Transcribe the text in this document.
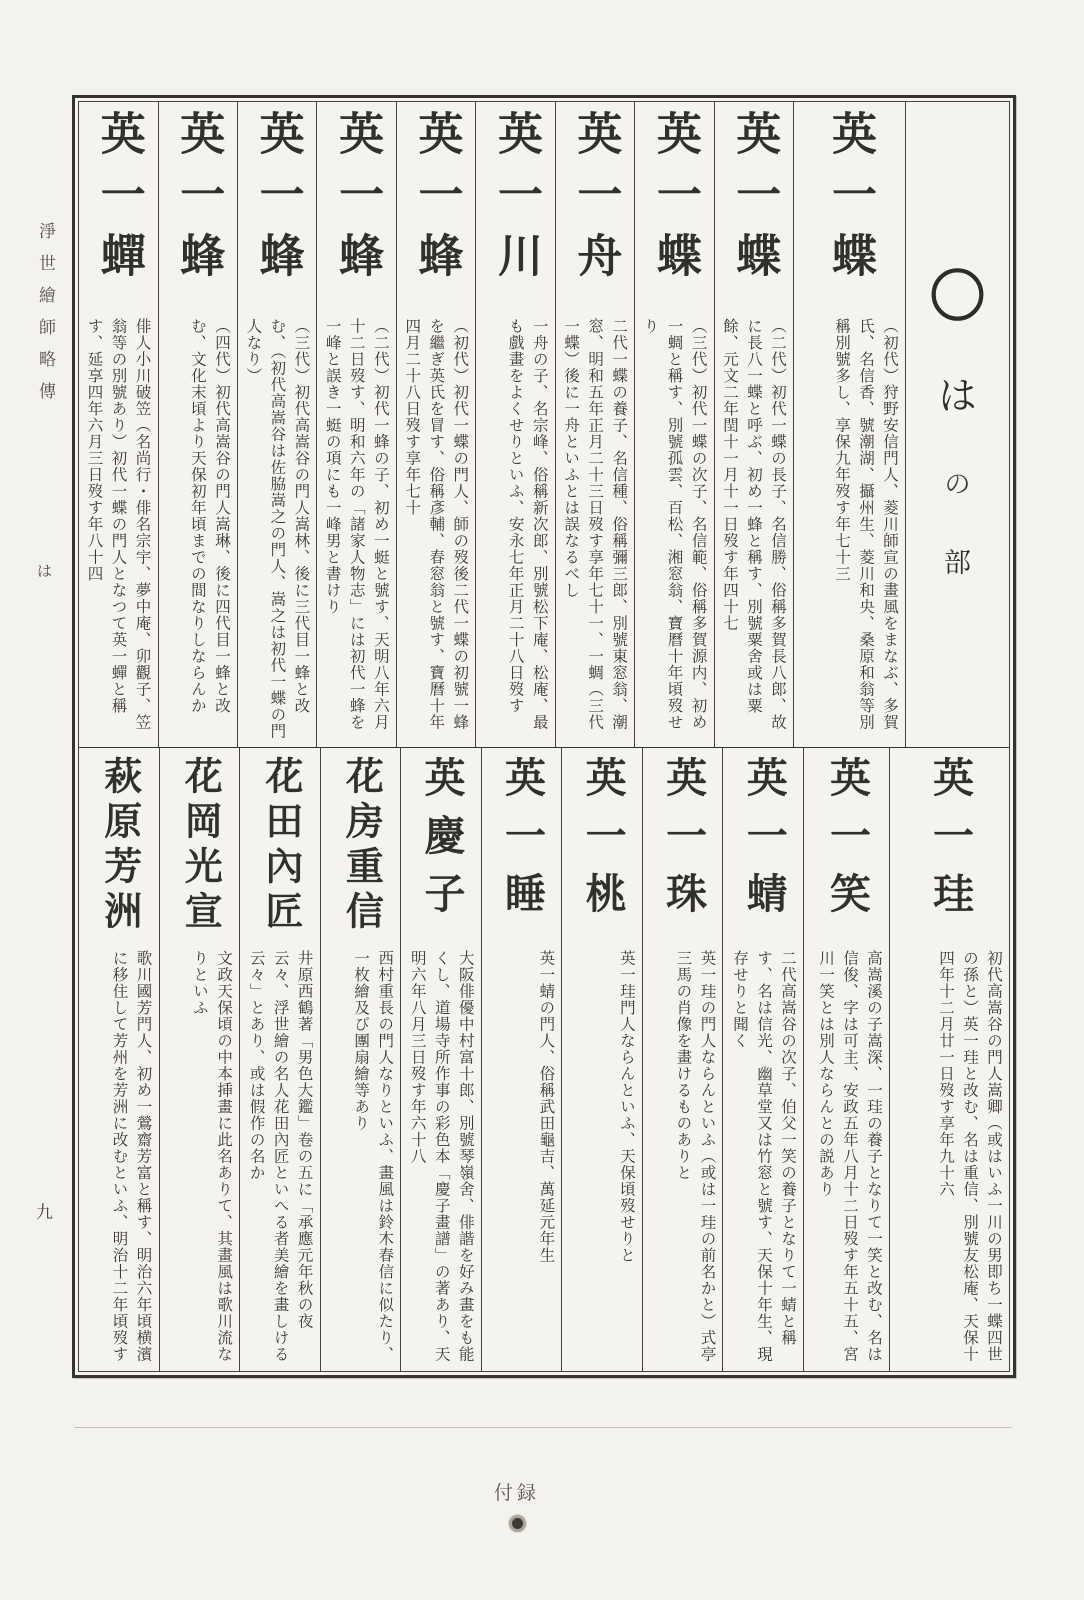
淨世繪師略傳
は
九
〇
は
の
部
英一蝶
（初代）狩野安信門人、菱川師宣の畫風をまなぶ、多賀氏、名信香、號潮湖、攝州生、菱川和央、桑原和翁等別稱別號多し、享保九年歿す年七十三
英一蝶
（二代）初代一蝶の長子、名信勝、俗稱多賀長八郎、故に長八一蝶と呼ぶ、初め一蜂と稱す、別號粟舍或は粟餘、元文二年閏十一月十一日歿す年四十七
英一蝶
（三代）初代一蝶の次子、名信範、俗稱多賀源内、初め一蜩と稱す、別號孤雲、百松、湘窓翁、寶曆十年頃歿せり
英一舟
二代一蝶の養子、名信種、俗稱彌三郎、別號東窓翁、潮窓、明和五年正月二十三日歿す享年七十一、一蜩（三代一蝶）後に一舟といふとは誤なるべし
英一川
一舟の子、名宗峰、俗稱新次郎、別號松下庵、松庵、最も戲畫をよくせりといふ、安永七年正月二十八日歿す
英一蜂
（初代）初代一蝶の門人、師の歿後二代一蝶の初號一蜂を繼ぎ英氏を冒す、俗稱彥輔、春窓翁と號す、寶曆十年四月二十八日歿す享年七十
英一蜂
（二代）初代一蜂の子、初め一蜓と號す、天明八年六月十二日歿す、明和六年の「諸家人物志」には初代一蜂を一峰と誤き一蜓の項にも一峰男と書けり
英一蜂
（三代）初代高嵩谷の門人嵩林、後に三代目一蜂と改む、（初代高嵩谷は佐脇嵩之の門人、嵩之は初代一蝶の門人なり）
英一蜂
（四代）初代高嵩谷の門人嵩琳、後に四代目一蜂と改む、文化末頃より天保初年頃までの間なりしならんか
英一蟬
俳人小川破笠（名尚行・俳名宗宇、夢中庵、卯觀子、笠翁等の別號あり）初代一蝶の門人となつて英一蟬と稱す、延享四年六月三日歿す年八十四
英一珪
初代高嵩谷の門人嵩卿（或はいふ一川の男即ち一蝶四世の孫と）英一珪と改む、名は重信、別號友松庵、天保十四年十二月廿一日歿す享年九十六
英一笑
高嵩溪の子嵩深、一珪の養子となりて一笑と改む、名は信俊、字は可主、安政五年八月十二日歿す年五十五、宮川一笑とは別人ならんとの説あり
英一蜻
二代高嵩谷の次子、伯父一笑の養子となりて一蜻と稱す、名は信光、幽草堂又は竹窓と號す、天保十年生、現存せりと聞く
英一珠
英一珪の門人ならんといふ（或は一珪の前名かと）式亭三馬の肖像を畫けるものありと
英一桃
英一珪門人ならんといふ、天保頃歿せりと
英一睡
英一蜻の門人、俗稱武田龜吉、萬延元年生
英慶子
大阪俳優中村富十郎、別號琴嶺舍、俳諧を好み畫をも能くし、道場寺所作事の彩色本「慶子畫譜」の著あり、天明六年八月三日歿す年六十八
花房重信
西村重長の門人なりといふ、畫風は鈴木春信に似たり、一枚繪及び團扇繪等あり
花田內匠
井原西鶴著「男色大鑑」卷の五に「承應元年秋の夜云々、浮世繪の名人花田內匠といへる者美繪を畫しける云々」とあり、或は假作の名か
花岡光宣
文政天保頃の中本挿畫に此名ありて、其畫風は歌川流なりといふ
萩原芳洲
歌川國芳門人、初め一鶯齋芳富と稱す、明治六年頃横濱に移住して芳州を芳洲に改むといふ、明治十二年頃歿す
付録
